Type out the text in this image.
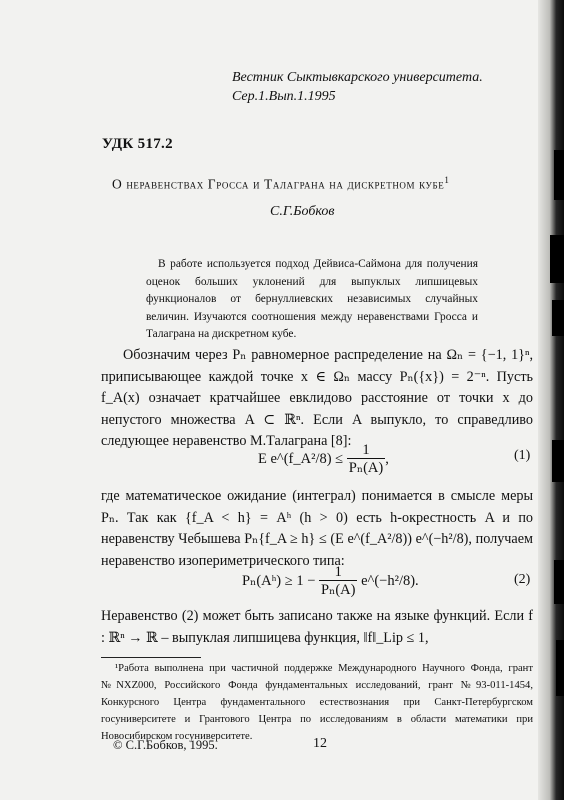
Вестник Сыктывкарского университета.
Сер.1.Вып.1.1995
УДК 517.2
О неравенствах Гросса и Талаграна на дискретном кубе$^1$
С.Г.Бобков
В работе используется подход Дейвиса-Саймона для получения оценок больших уклонений для выпуклых липшицевых функционалов от бернуллиевских независимых случайных величин. Изучаются соотношения между неравенствами Гросса и Талаграна на дискретном кубе.
Обозначим через Pₙ равномерное распределение на Ωₙ = {−1, 1}ⁿ, приписывающее каждой точке x ∈ Ωₙ массу Pₙ({x}) = 2⁻ⁿ. Пусть f_A(x) означает кратчайшее евклидово расстояние от точки x до непустого множества A ⊂ ℝⁿ. Если A выпукло, то справедливо следующее неравенство М.Талаграна [8]:
E e^(f_A²/8) ≤ $\frac{1}{\text{Pₙ(A)}}$ ,	(1)
где математическое ожидание (интеграл) понимается в смысле меры Pₙ. Так как {f_A < h} = Aʰ (h > 0) есть h-окрестность A и по неравенству Чебышева Pₙ{f_A ≥ h} ≤ (E e^(f_A²/8)) e^(−h²/8), получаем неравенство изопериметрического типа:
Pₙ(Aʰ) ≥ $1 - \frac{1}{\text{Pₙ(A)}}$ e^(−h²/8).	(2)
Неравенство (2) может быть записано также на языке функций. Если f : ℝⁿ → ℝ – выпуклая липшицева функция, ‖f‖_Lip ≤ 1,
¹Работа выполнена при частичной поддержке Международного Научного Фонда, грант №NXZ000, Российского Фонда фундаментальных исследований, грант №93-011-1454, Конкурсного Центра фундаментального естествознания при Санкт-Петербургском госуниверситете и Грантового Центра по исследованиям в области математики при Новосибирском госуниверситете.
© С.Г.Бобков, 1995.	12
